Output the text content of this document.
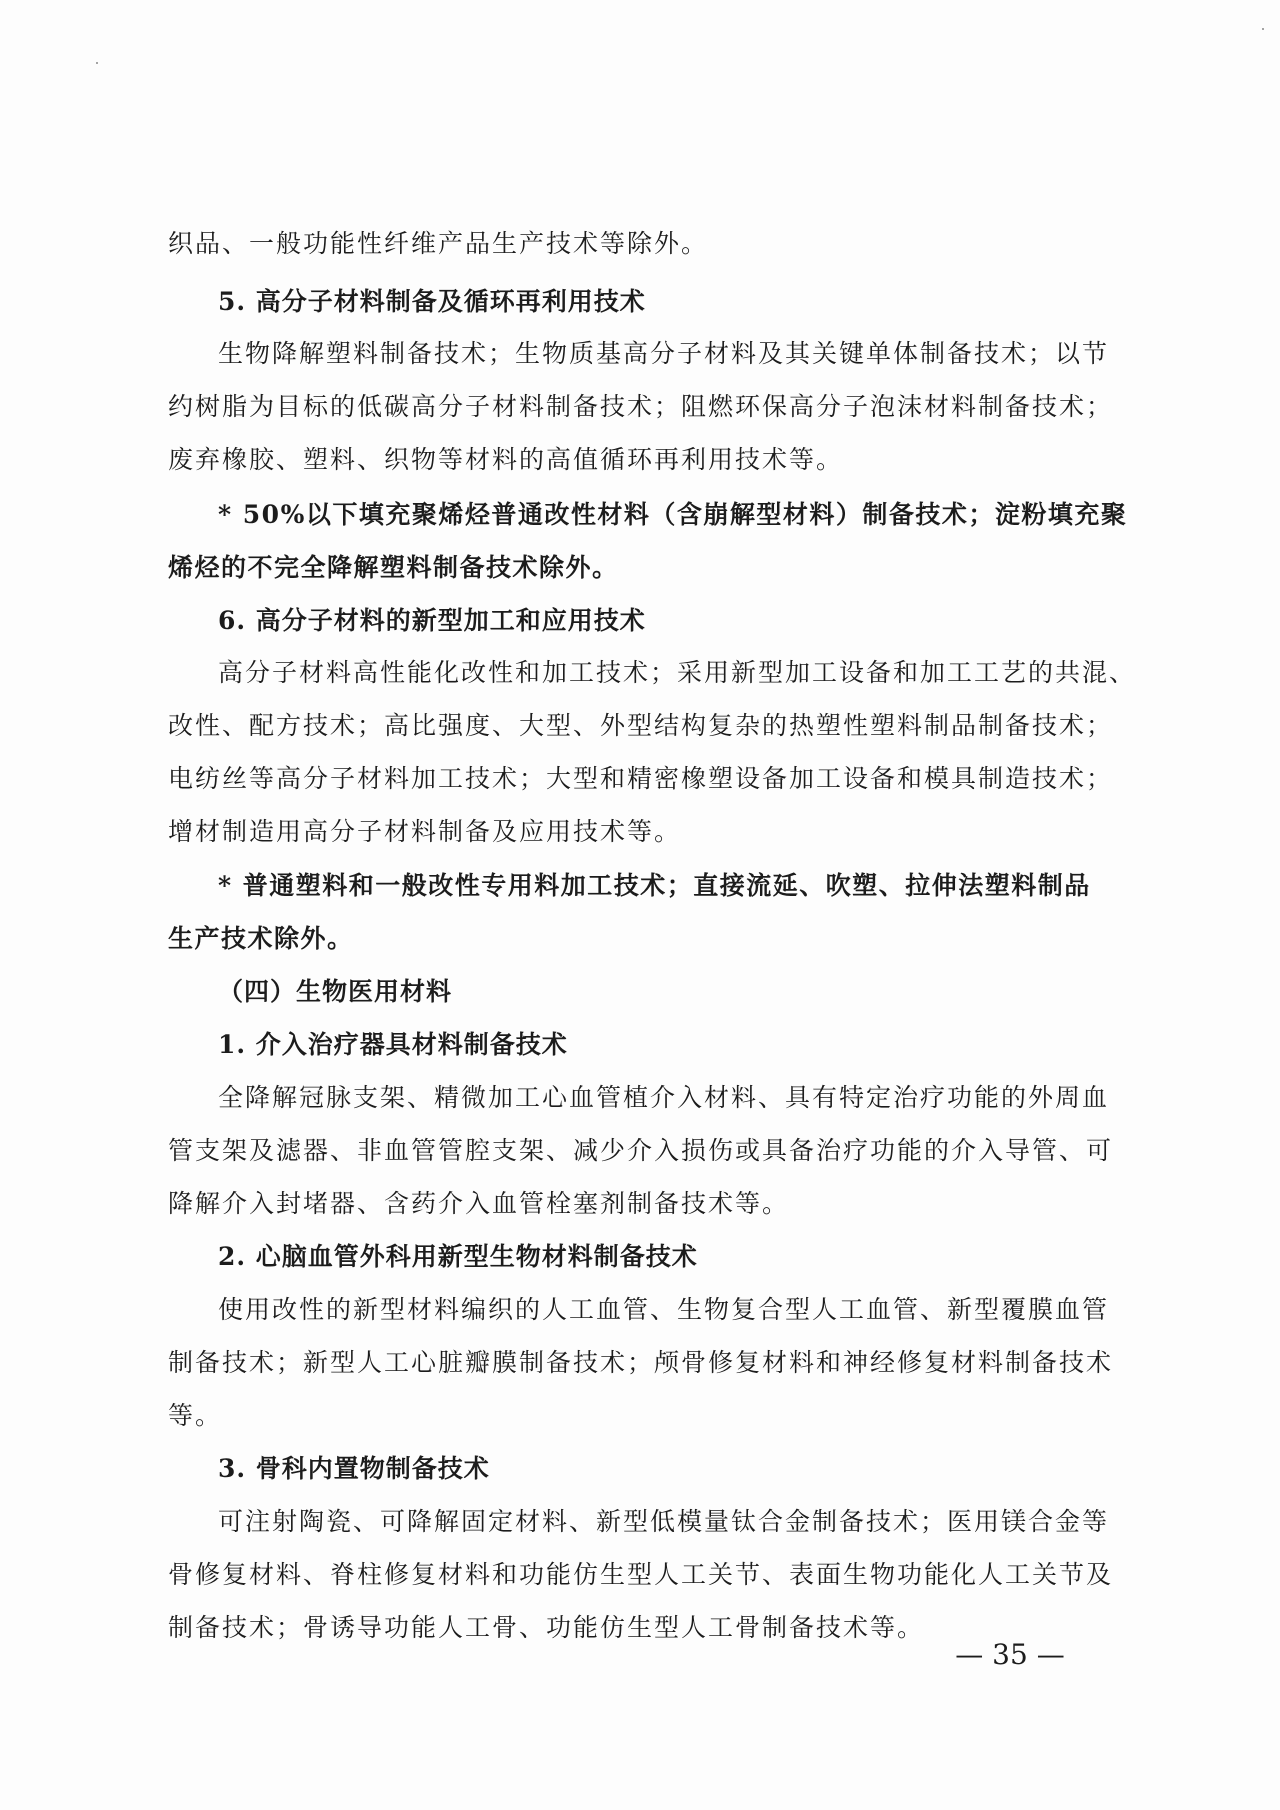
织品、一般功能性纤维产品生产技术等除外。
5. 高分子材料制备及循环再利用技术
生物降解塑料制备技术；生物质基高分子材料及其关键单体制备技术；以节
约树脂为目标的低碳高分子材料制备技术；阻燃环保高分子泡沫材料制备技术；
废弃橡胶、塑料、织物等材料的高值循环再利用技术等。
* 50%以下填充聚烯烃普通改性材料（含崩解型材料）制备技术；淀粉填充聚
烯烃的不完全降解塑料制备技术除外。
6. 高分子材料的新型加工和应用技术
高分子材料高性能化改性和加工技术；采用新型加工设备和加工工艺的共混、
改性、配方技术；高比强度、大型、外型结构复杂的热塑性塑料制品制备技术；
电纺丝等高分子材料加工技术；大型和精密橡塑设备加工设备和模具制造技术；
增材制造用高分子材料制备及应用技术等。
* 普通塑料和一般改性专用料加工技术；直接流延、吹塑、拉伸法塑料制品
生产技术除外。
（四）生物医用材料
1. 介入治疗器具材料制备技术
全降解冠脉支架、精微加工心血管植介入材料、具有特定治疗功能的外周血
管支架及滤器、非血管管腔支架、减少介入损伤或具备治疗功能的介入导管、可
降解介入封堵器、含药介入血管栓塞剂制备技术等。
2. 心脑血管外科用新型生物材料制备技术
使用改性的新型材料编织的人工血管、生物复合型人工血管、新型覆膜血管
制备技术；新型人工心脏瓣膜制备技术；颅骨修复材料和神经修复材料制备技术
等。
3. 骨科内置物制备技术
可注射陶瓷、可降解固定材料、新型低模量钛合金制备技术；医用镁合金等
骨修复材料、脊柱修复材料和功能仿生型人工关节、表面生物功能化人工关节及
制备技术；骨诱导功能人工骨、功能仿生型人工骨制备技术等。
— 35 —
